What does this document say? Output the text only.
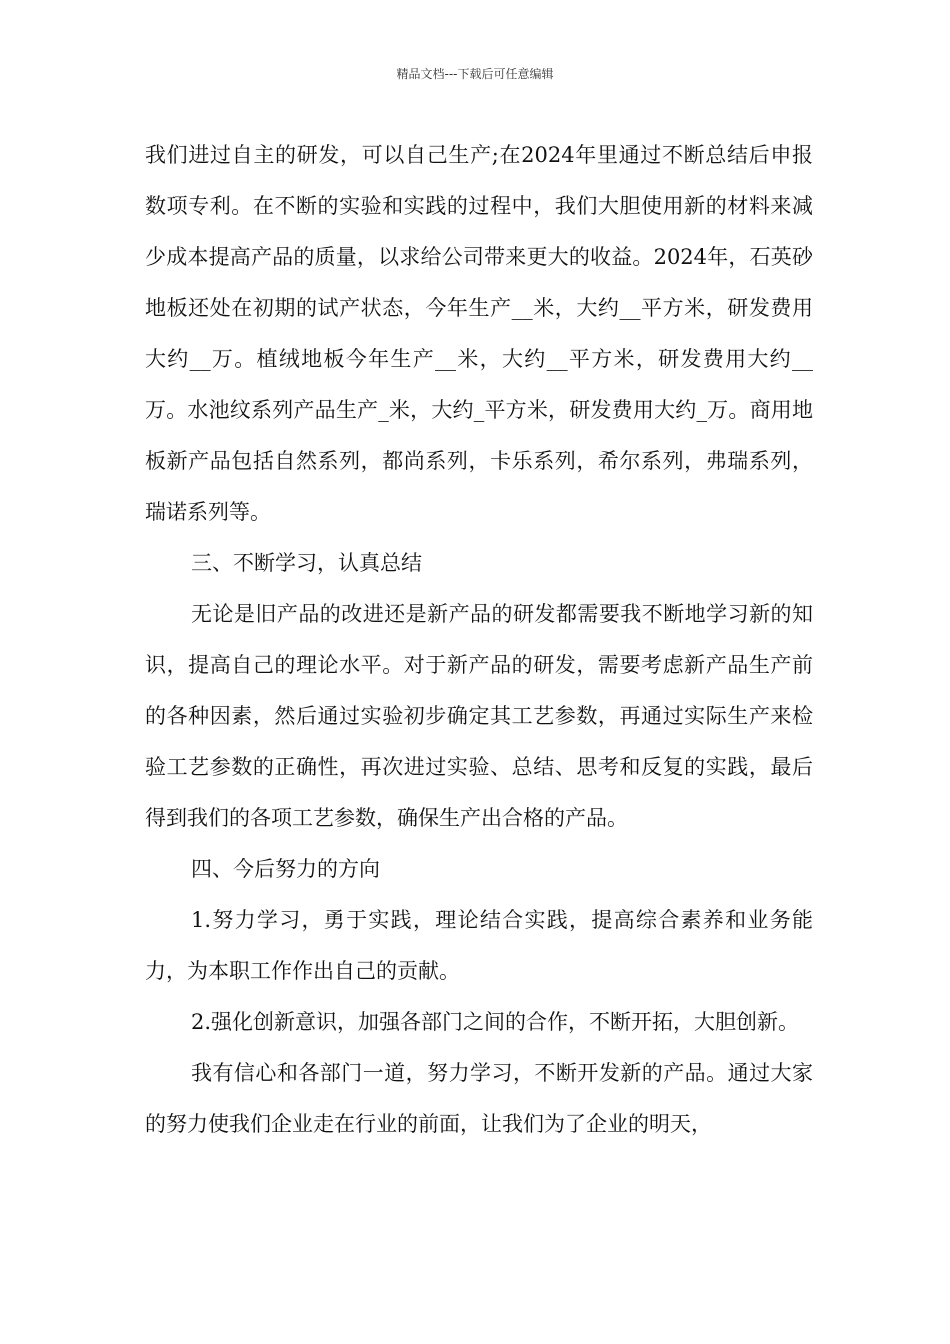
精品文档---下载后可任意编辑

我们进过自主的研发，可以自己生产;在2024年里通过不断总结后申报数项专利。在不断的实验和实践的过程中，我们大胆使用新的材料来减少成本提高产品的质量，以求给公司带来更大的收益。2024年，石英砂地板还处在初期的试产状态，今年生产__米，大约__平方米，研发费用大约__万。植绒地板今年生产__米，大约__平方米，研发费用大约__万。水池纹系列产品生产_米，大约_平方米，研发费用大约_万。商用地板新产品包括自然系列，都尚系列，卡乐系列，希尔系列，弗瑞系列，瑞诺系列等。

三、不断学习，认真总结

无论是旧产品的改进还是新产品的研发都需要我不断地学习新的知识，提高自己的理论水平。对于新产品的研发，需要考虑新产品生产前的各种因素，然后通过实验初步确定其工艺参数，再通过实际生产来检验工艺参数的正确性，再次进过实验、总结、思考和反复的实践，最后得到我们的各项工艺参数，确保生产出合格的产品。

四、今后努力的方向

1.努力学习，勇于实践，理论结合实践，提高综合素养和业务能力，为本职工作作出自己的贡献。

2.强化创新意识，加强各部门之间的合作，不断开拓，大胆创新。

我有信心和各部门一道，努力学习，不断开发新的产品。通过大家的努力使我们企业走在行业的前面，让我们为了企业的明天，
